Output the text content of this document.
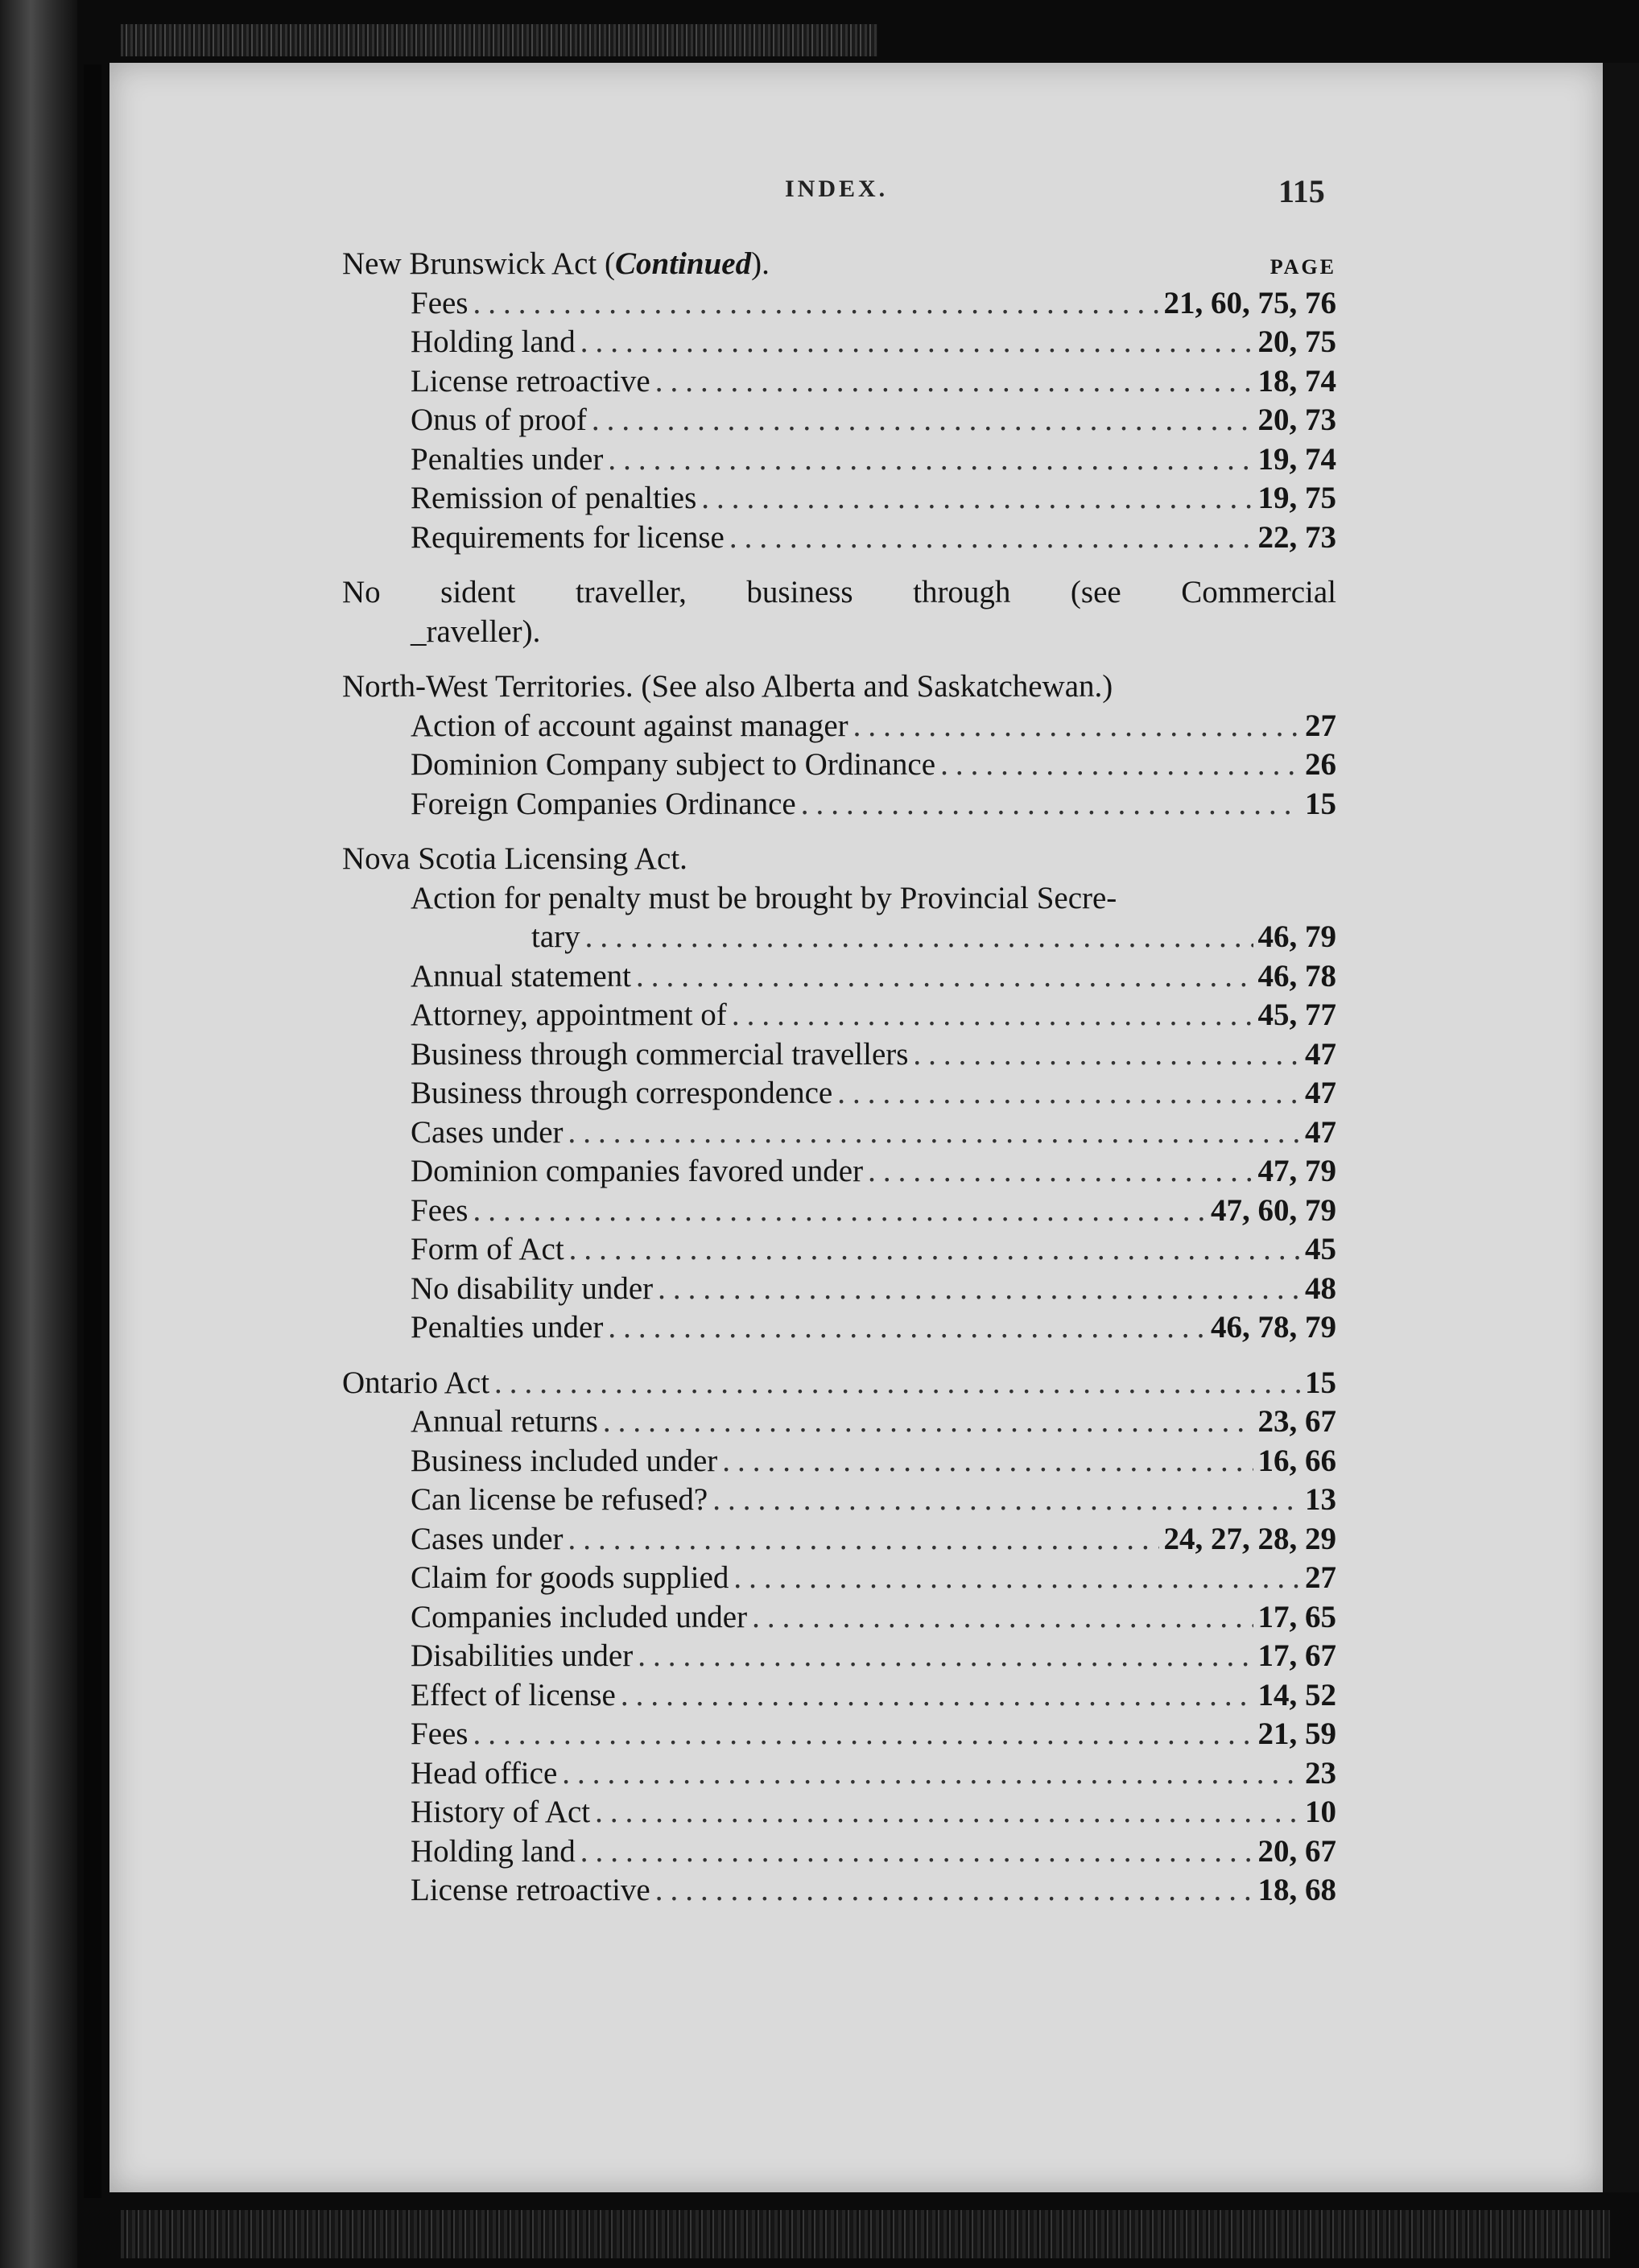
INDEX.	115
New Brunswick Act (Continued).	PAGE
Fees .....	21, 60, 75, 76
Holding land .....	20, 75
License retroactive .....	18, 74
Onus of proof .....	20, 73
Penalties under .....	19, 74
Remission of penalties .....	19, 75
Requirements for license .....	22, 73
No sident traveller, business through (see Commercial
_raveller).
North-West Territories. (See also Alberta and Saskatchewan.)
Action of account against manager .....	27
Dominion Company subject to Ordinance .....	26
Foreign Companies Ordinance .....	15
Nova Scotia Licensing Act.
Action for penalty must be brought by Provincial Secre-
tary .....	46, 79
Annual statement .....	46, 78
Attorney, appointment of .....	45, 77
Business through commercial travellers .....	47
Business through correspondence .....	47
Cases under .....	47
Dominion companies favored under .....	47, 79
Fees .....	47, 60, 79
Form of Act .....	45
No disability under .....	48
Penalties under .....	46, 78, 79
Ontario Act .....	15
Annual returns .....	23, 67
Business included under .....	16, 66
Can license be refused? .....	13
Cases under .....	24, 27, 28, 29
Claim for goods supplied .....	27
Companies included under .....	17, 65
Disabilities under .....	17, 67
Effect of license .....	14, 52
Fees .....	21, 59
Head office .....	23
History of Act .....	10
Holding land .....	20, 67
License retroactive .....	18, 68
